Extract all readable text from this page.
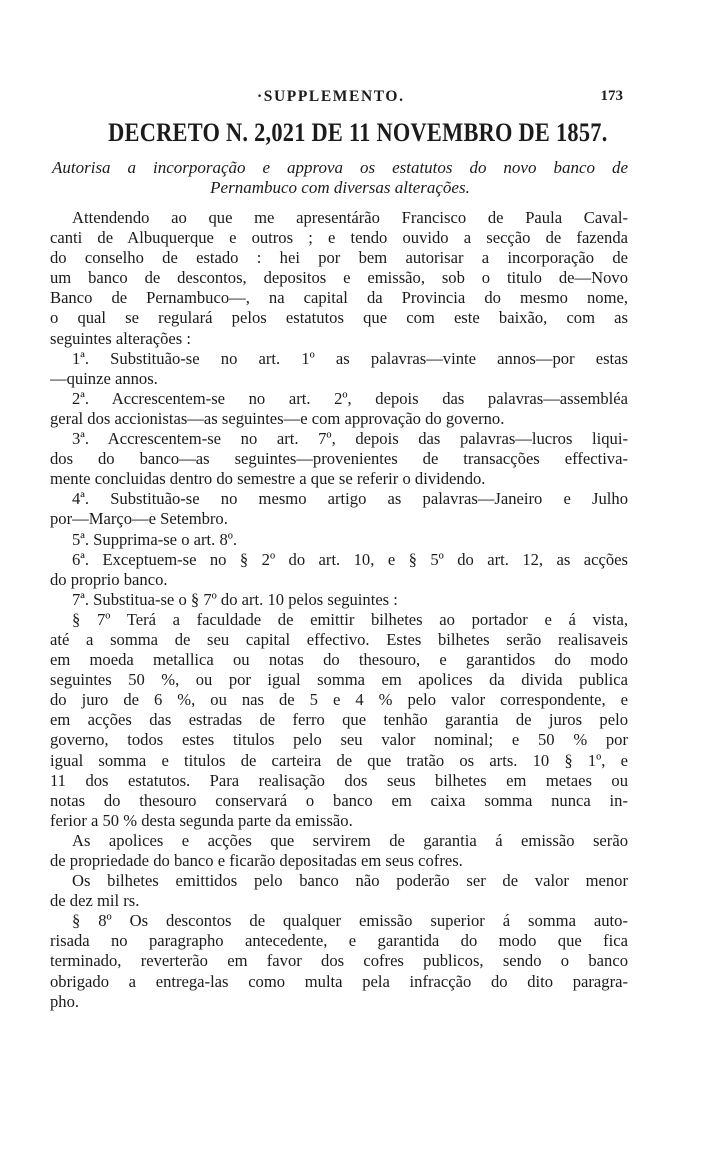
·SUPPLEMENTO.	173
DECRETO N. 2,021 DE 11 NOVEMBRO DE 1857.
Autorisa a incorporação e approva os estatutos do novo banco de
Pernambuco com diversas alterações.
Attendendo ao que me apresentárão Francisco de Paula Caval-
canti de Albuquerque e outros ; e tendo ouvido a secção de fazenda
do conselho de estado : hei por bem autorisar a incorporação de
um banco de descontos, depositos e emissão, sob o titulo de—Novo
Banco de Pernambuco—, na capital da Provincia do mesmo nome,
o qual se regulará pelos estatutos que com este baixão, com as
seguintes alterações :
1ª. Substituão-se no art. 1º as palavras—vinte annos—por estas
—quinze annos.
2ª. Accrescentem-se no art. 2º, depois das palavras—assembléa
geral dos accionistas—as seguintes—e com approvação do governo.
3ª. Accrescentem-se no art. 7º, depois das palavras—lucros liqui-
dos do banco—as seguintes—provenientes de transacções effectiva-
mente concluidas dentro do semestre a que se referir o dividendo.
4ª. Substituão-se no mesmo artigo as palavras—Janeiro e Julho
por—Março—e Setembro.
5ª. Supprima-se o art. 8º.
6ª. Exceptuem-se no § 2º do art. 10, e § 5º do art. 12, as acções
do proprio banco.
7ª. Substitua-se o § 7º do art. 10 pelos seguintes :
§ 7º Terá a faculdade de emittir bilhetes ao portador e á vista,
até a somma de seu capital effectivo. Estes bilhetes serão realisaveis
em moeda metallica ou notas do thesouro, e garantidos do modo
seguintes 50 %, ou por igual somma em apolices da divida publica
do juro de 6 %, ou nas de 5 e 4 % pelo valor correspondente, e
em acções das estradas de ferro que tenhão garantia de juros pelo
governo, todos estes titulos pelo seu valor nominal; e 50 % por
igual somma e titulos de carteira de que tratão os arts. 10 § 1º, e
11 dos estatutos. Para realisação dos seus bilhetes em metaes ou
notas do thesouro conservará o banco em caixa somma nunca in-
ferior a 50 % desta segunda parte da emissão.
As apolices e acções que servirem de garantia á emissão serão
de propriedade do banco e ficarão depositadas em seus cofres.
Os bilhetes emittidos pelo banco não poderão ser de valor menor
de dez mil rs.
§ 8º Os descontos de qualquer emissão superior á somma auto-
risada no paragrapho antecedente, e garantida do modo que fica
terminado, reverterão em favor dos cofres publicos, sendo o banco
obrigado a entrega-las como multa pela infracção do dito paragra-
pho.
